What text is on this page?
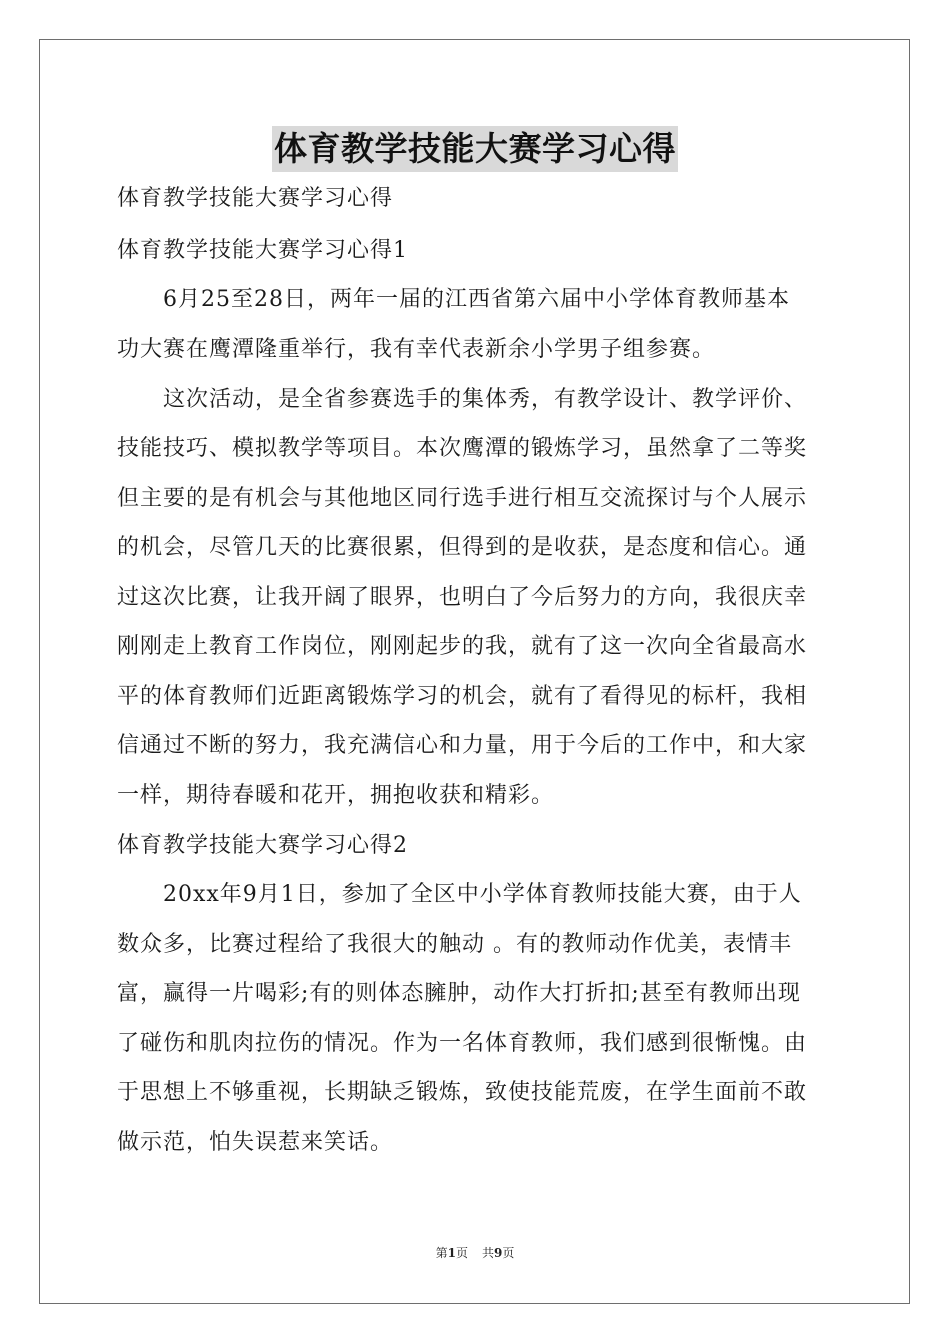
体育教学技能大赛学习心得
体育教学技能大赛学习心得
体育教学技能大赛学习心得1
　　6月25至28日，两年一届的江西省第六届中小学体育教师基本
功大赛在鹰潭隆重举行，我有幸代表新余小学男子组参赛。
　　这次活动，是全省参赛选手的集体秀，有教学设计、教学评价、
技能技巧、模拟教学等项目。本次鹰潭的锻炼学习，虽然拿了二等奖
但主要的是有机会与其他地区同行选手进行相互交流探讨与个人展示
的机会，尽管几天的比赛很累，但得到的是收获，是态度和信心。通
过这次比赛，让我开阔了眼界，也明白了今后努力的方向，我很庆幸
刚刚走上教育工作岗位，刚刚起步的我，就有了这一次向全省最高水
平的体育教师们近距离锻炼学习的机会，就有了看得见的标杆，我相
信通过不断的努力，我充满信心和力量，用于今后的工作中，和大家
一样，期待春暖和花开，拥抱收获和精彩。
体育教学技能大赛学习心得2
　　20xx年9月1日，参加了全区中小学体育教师技能大赛，由于人
数众多，比赛过程给了我很大的触动 。有的教师动作优美，表情丰
富，赢得一片喝彩;有的则体态臃肿，动作大打折扣;甚至有教师出现
了碰伤和肌肉拉伤的情况。作为一名体育教师，我们感到很惭愧。由
于思想上不够重视，长期缺乏锻炼，致使技能荒废，在学生面前不敢
做示范，怕失误惹来笑话。
第1页 共9页
